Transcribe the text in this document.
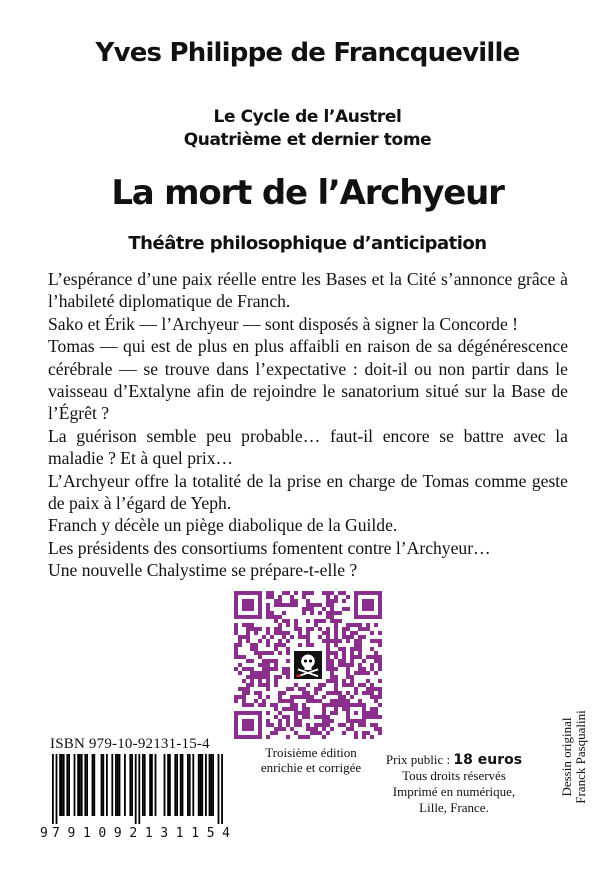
Yves Philippe de Francqueville
Le Cycle de l’Austrel
Quatrième et dernier tome
La mort de l’Archyeur
Théâtre philosophique d’anticipation

L’espérance d’une paix réelle entre les Bases et la Cité s’annonce grâce à l’habileté diplomatique de Franch.

Sako et Érik — l’Archyeur — sont disposés à signer la Concorde !

Tomas — qui est de plus en plus affaibli en raison de sa dégénérescence cérébrale — se trouve dans l’expectative : doit-il ou non partir dans le vaisseau d’Extalyne afin de rejoindre le sanatorium situé sur la Base de l’Égrêt ?

La guérison semble peu probable… faut-il encore se battre avec la maladie ? Et à quel prix…

L’Archyeur offre la totalité de la prise en charge de Tomas comme geste de paix à l’égard de Yeph.

Franch y décèle un piège diabolique de la Guilde.

Les présidents des consortiums fomentent contre l’Archyeur…

Une nouvelle Chalystime se prépare-t-elle ?

ISBN 979-10-92131-15-4
9 7 9 1 0 9 2 1 3 1 1 5 4
Troisième édition
enrichie et corrigée
Prix public : 18 euros
Tous droits réservés
Imprimé en numérique,
Lille, France.
Dessin original Franck Pasqualini
